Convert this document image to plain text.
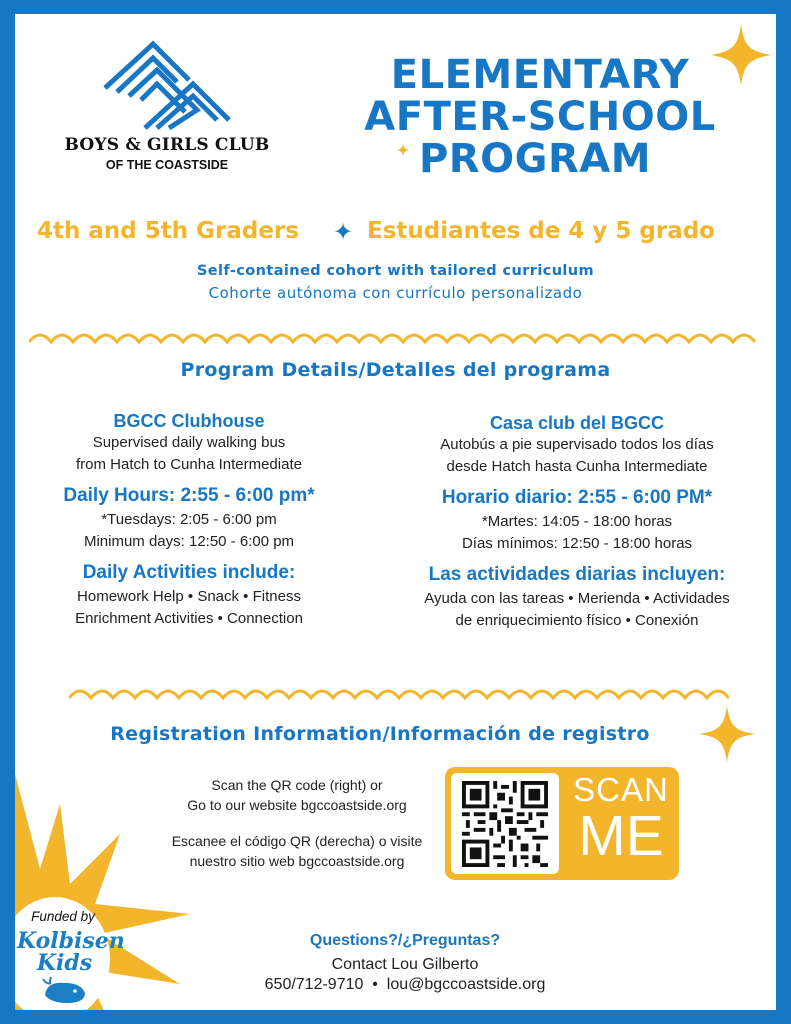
BOYS & GIRLS CLUB
OF THE COASTSIDE
ELEMENTARY
AFTER-SCHOOL
PROGRAM
4th and 5th Graders ✦ Estudiantes de 4 y 5 grado
Self-contained cohort with tailored curriculum
Cohorte autónoma con currículo personalizado
Program Details/Detalles del programa
BGCC Clubhouse
Supervised daily walking bus
from Hatch to Cunha Intermediate
Daily Hours: 2:55 - 6:00 pm*
*Tuesdays: 2:05 - 6:00 pm
Minimum days: 12:50 - 6:00 pm
Daily Activities include:
Homework Help • Snack • Fitness
Enrichment Activities • Connection
Casa club del BGCC
Autobús a pie supervisado todos los días
desde Hatch hasta Cunha Intermediate
Horario diario: 2:55 - 6:00 PM*
*Martes: 14:05 - 18:00 horas
Días mínimos: 12:50 - 18:00 horas
Las actividades diarias incluyen:
Ayuda con las tareas • Merienda • Actividades
de enriquecimiento físico • Conexión
Registration Information/Información de registro
Scan the QR code (right) or
Go to our website bgccoastside.org
Escanee el código QR (derecha) o visite
nuestro sitio web bgccoastside.org
SCAN
ME
Funded by
Kolbisen
Kids
Questions?/¿Preguntas?
Contact Lou Gilberto
650/712-9710  •  lou@bgccoastside.org
